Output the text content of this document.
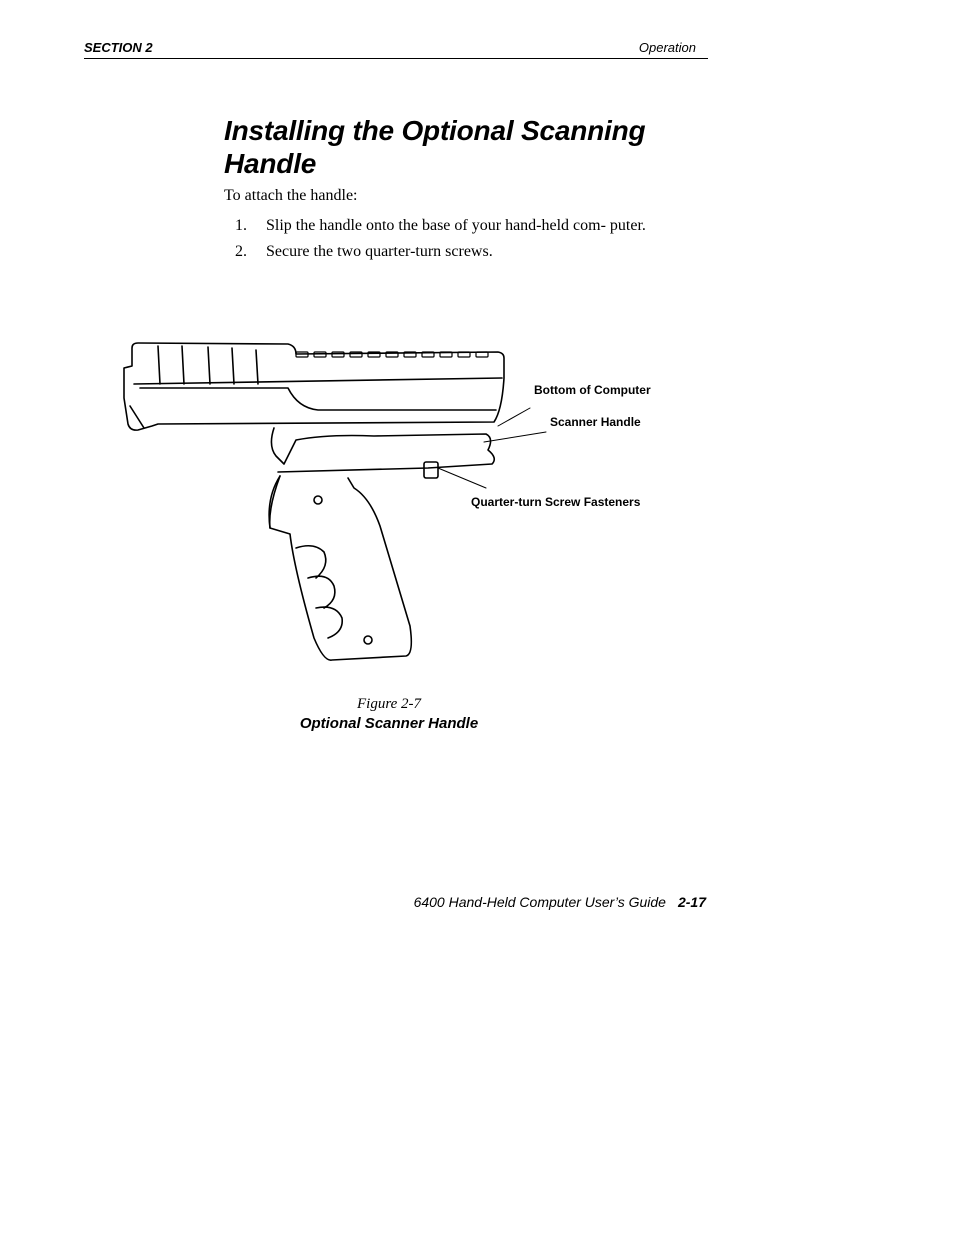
SECTION 2	Operation
Installing the Optional Scanning Handle
To attach the handle:
1. Slip the handle onto the base of your hand-held com- puter.
2. Secure the two quarter-turn screws.
Bottom of Computer
Scanner Handle
Quarter-turn Screw Fasteners
Figure 2-7
Optional Scanner Handle
6400 Hand-Held Computer User’s Guide 2-17
